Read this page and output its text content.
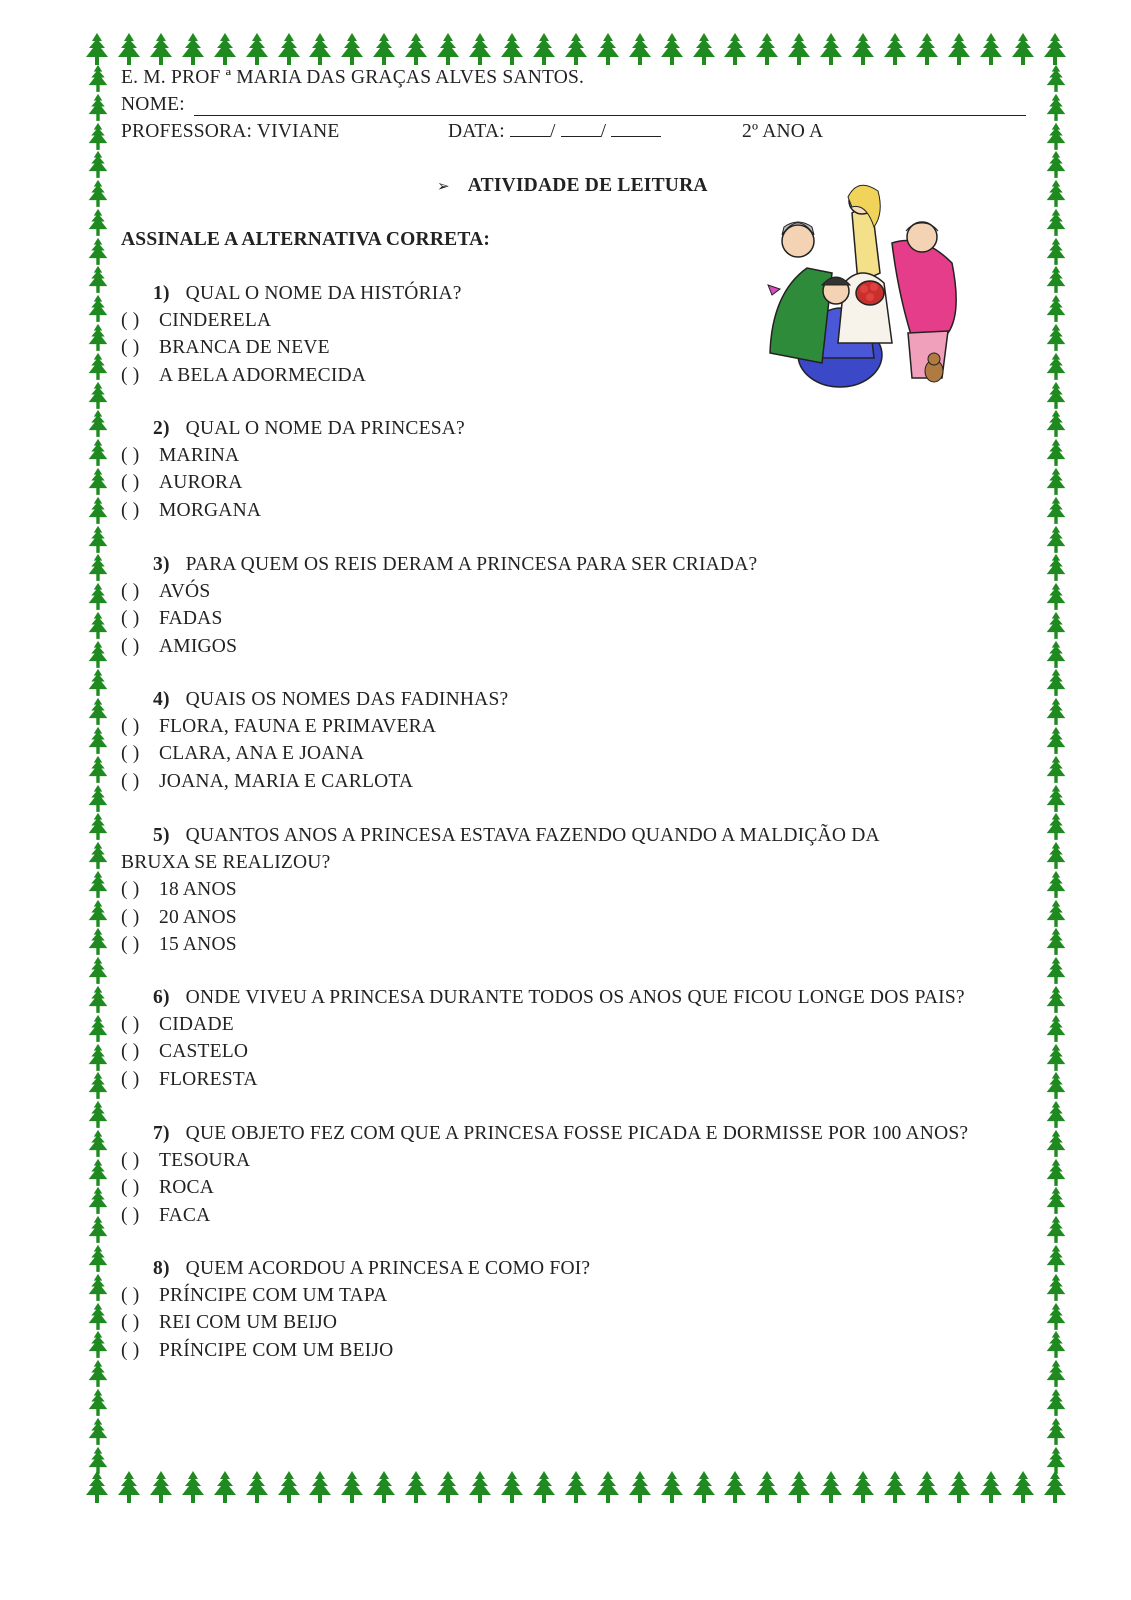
E. M. PROF ª MARIA DAS GRAÇAS ALVES SANTOS.
NOME:
PROFESSORA: VIVIANE	DATA: / /	2º ANO A
➢ ATIVIDADE DE LEITURA
ASSINALE A ALTERNATIVA CORRETA:
1) QUAL O NOME DA HISTÓRIA?
( ) CINDERELA
( ) BRANCA DE NEVE
( ) A BELA ADORMECIDA
2) QUAL O NOME DA PRINCESA?
( ) MARINA
( ) AURORA
( ) MORGANA
3) PARA QUEM OS REIS DERAM A PRINCESA PARA SER CRIADA?
( ) AVÓS
( ) FADAS
( ) AMIGOS
4) QUAIS OS NOMES DAS FADINHAS?
( ) FLORA, FAUNA E PRIMAVERA
( ) CLARA, ANA E JOANA
( ) JOANA, MARIA E CARLOTA
5) QUANTOS ANOS A PRINCESA ESTAVA FAZENDO QUANDO A MALDIÇÃO DA
BRUXA SE REALIZOU?
( ) 18 ANOS
( ) 20 ANOS
( ) 15 ANOS
6) ONDE VIVEU A PRINCESA DURANTE TODOS OS ANOS QUE FICOU LONGE DOS PAIS?
( ) CIDADE
( ) CASTELO
( ) FLORESTA
7) QUE OBJETO FEZ COM QUE A PRINCESA FOSSE PICADA E DORMISSE POR 100 ANOS?
( ) TESOURA
( ) ROCA
( ) FACA
8) QUEM ACORDOU A PRINCESA E COMO FOI?
( ) PRÍNCIPE COM UM TAPA
( ) REI COM UM BEIJO
( ) PRÍNCIPE COM UM BEIJO
